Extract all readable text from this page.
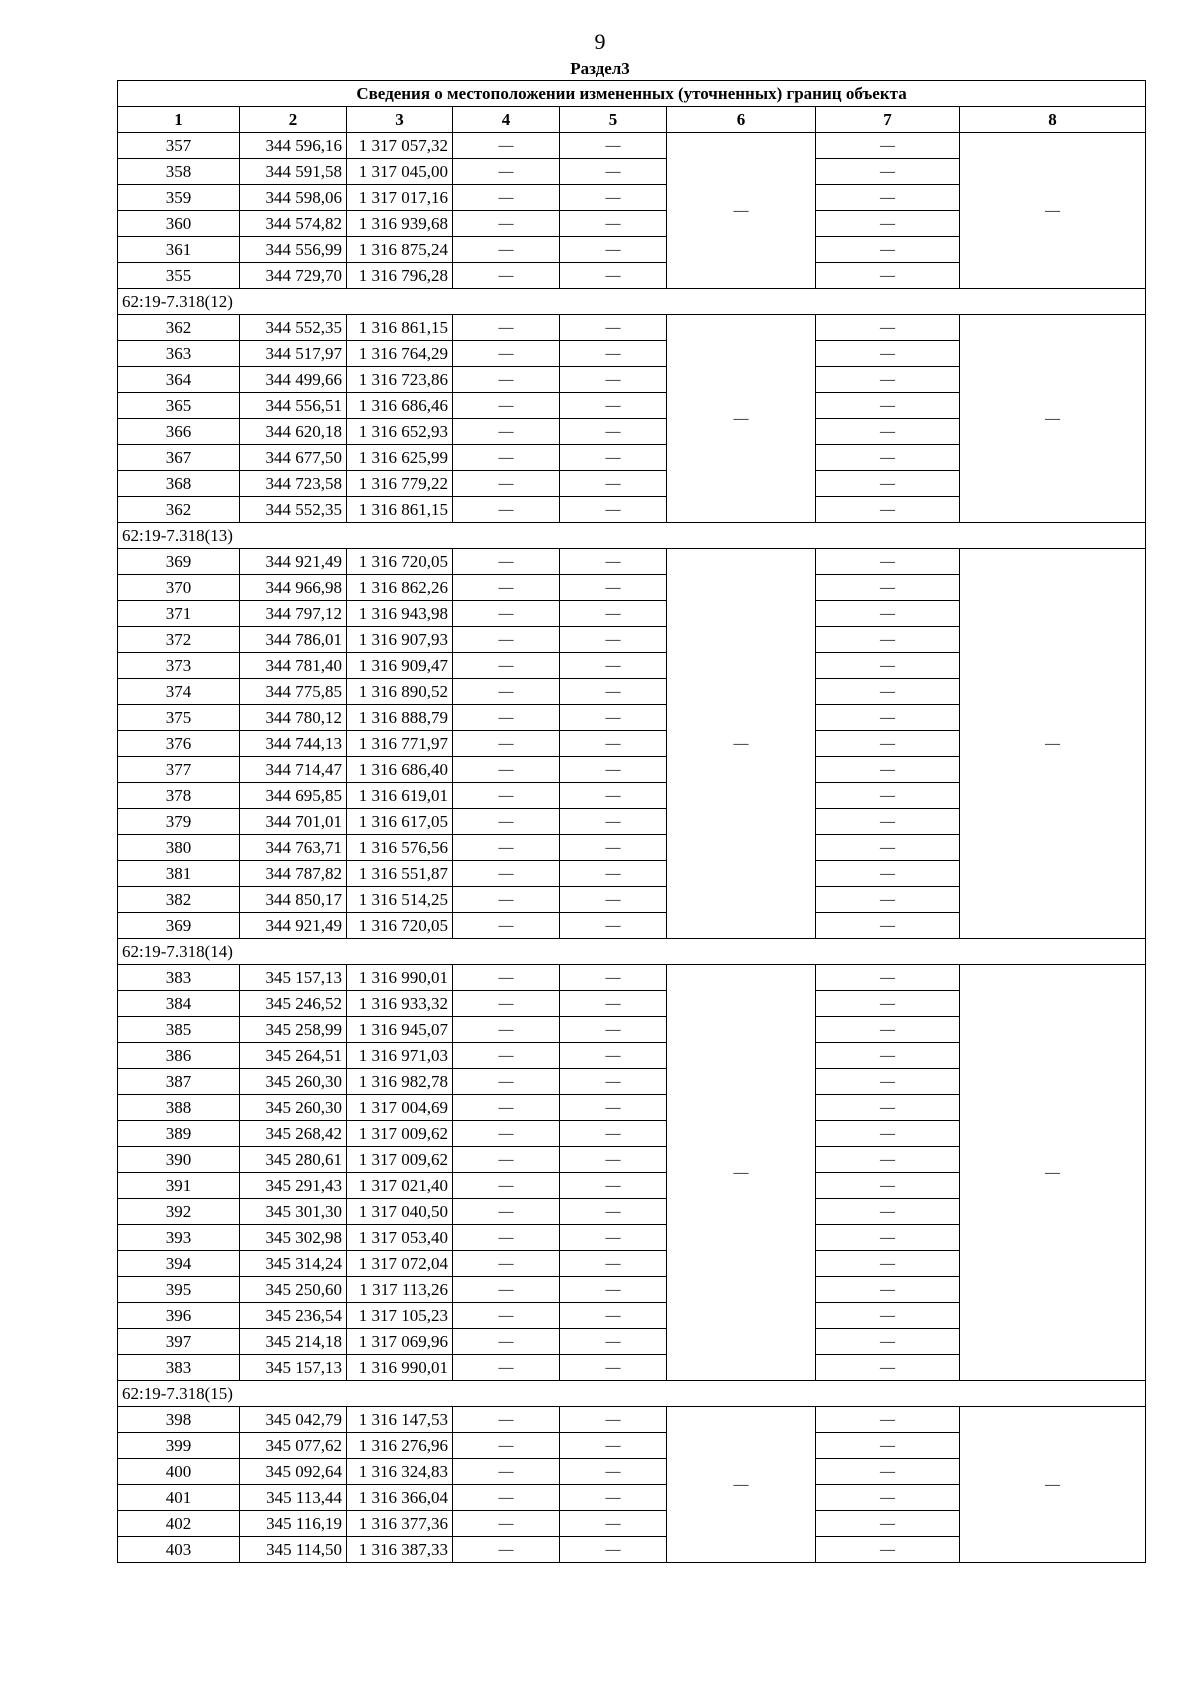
9
Раздел3
Сведения о местоположении измененных (уточненных) границ объекта							
1	2	3	4	5	6	7	8
357	344 596,16	1 317 057,32	—	—	—	—	—
358	344 591,58	1 317 045,00	—	—		—	
359	344 598,06	1 317 017,16	—	—		—	
360	344 574,82	1 316 939,68	—	—		—	
361	344 556,99	1 316 875,24	—	—		—	
355	344 729,70	1 316 796,28	—	—		—	
62:19-7.318(12)							
362	344 552,35	1 316 861,15	—	—	—	—	—
363	344 517,97	1 316 764,29	—	—		—	
364	344 499,66	1 316 723,86	—	—		—	
365	344 556,51	1 316 686,46	—	—		—	
366	344 620,18	1 316 652,93	—	—		—	
367	344 677,50	1 316 625,99	—	—		—	
368	344 723,58	1 316 779,22	—	—		—	
362	344 552,35	1 316 861,15	—	—		—	
62:19-7.318(13)							
369	344 921,49	1 316 720,05	—	—	—	—	—
370	344 966,98	1 316 862,26	—	—		—	
371	344 797,12	1 316 943,98	—	—		—	
372	344 786,01	1 316 907,93	—	—		—	
373	344 781,40	1 316 909,47	—	—		—	
374	344 775,85	1 316 890,52	—	—		—	
375	344 780,12	1 316 888,79	—	—		—	
376	344 744,13	1 316 771,97	—	—		—	
377	344 714,47	1 316 686,40	—	—		—	
378	344 695,85	1 316 619,01	—	—		—	
379	344 701,01	1 316 617,05	—	—		—	
380	344 763,71	1 316 576,56	—	—		—	
381	344 787,82	1 316 551,87	—	—		—	
382	344 850,17	1 316 514,25	—	—		—	
369	344 921,49	1 316 720,05	—	—		—	
62:19-7.318(14)							
383	345 157,13	1 316 990,01	—	—	—	—	—
384	345 246,52	1 316 933,32	—	—		—	
385	345 258,99	1 316 945,07	—	—		—	
386	345 264,51	1 316 971,03	—	—		—	
387	345 260,30	1 316 982,78	—	—		—	
388	345 260,30	1 317 004,69	—	—		—	
389	345 268,42	1 317 009,62	—	—		—	
390	345 280,61	1 317 009,62	—	—		—	
391	345 291,43	1 317 021,40	—	—		—	
392	345 301,30	1 317 040,50	—	—		—	
393	345 302,98	1 317 053,40	—	—		—	
394	345 314,24	1 317 072,04	—	—		—	
395	345 250,60	1 317 113,26	—	—		—	
396	345 236,54	1 317 105,23	—	—		—	
397	345 214,18	1 317 069,96	—	—		—	
383	345 157,13	1 316 990,01	—	—		—	
62:19-7.318(15)							
398	345 042,79	1 316 147,53	—	—	—	—	—
399	345 077,62	1 316 276,96	—	—		—	
400	345 092,64	1 316 324,83	—	—		—	
401	345 113,44	1 316 366,04	—	—		—	
402	345 116,19	1 316 377,36	—	—		—	
403	345 114,50	1 316 387,33	—	—		—	
